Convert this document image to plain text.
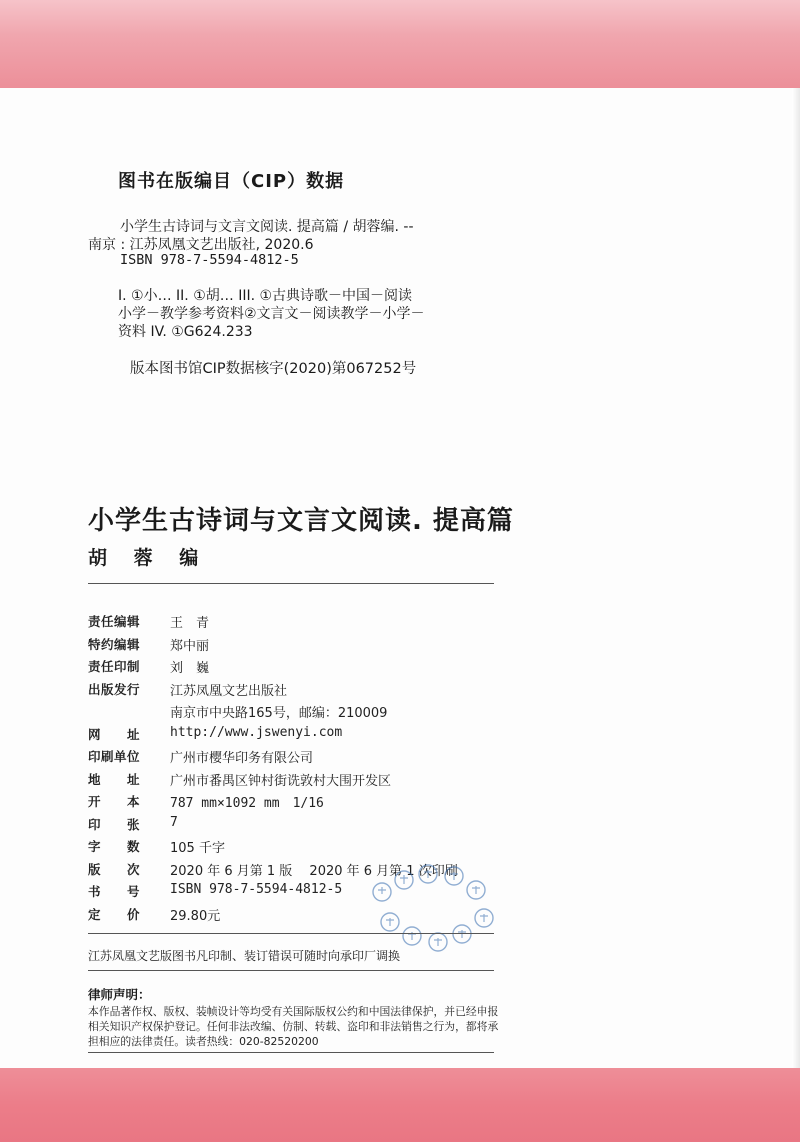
图书在版编目（CIP）数据
小学生古诗词与文言文阅读. 提高篇 / 胡蓉编. --
南京 : 江苏凤凰文艺出版社, 2020.6
ISBN 978-7-5594-4812-5
I. ①小… II. ①胡… III. ①古典诗歌－中国－阅读
小学－教学参考资料②文言文－阅读教学－小学－
资料 IV. ①G624.233
版本图书馆CIP数据核字(2020)第067252号
小学生古诗词与文言文阅读. 提高篇
胡 蓉 编
责任编辑	王　青
特约编辑	郑中丽
责任印制	刘　巍
出版发行	江苏凤凰文艺出版社
南京市中央路165号，邮编：210009
网　　址	http://www.jswenyi.com
印刷单位	广州市樱华印务有限公司
地　　址	广州市番禺区钟村街诜敦村大围开发区
开　　本	787 mm×1092 mm　1/16
印　　张	7
字　　数	105 千字
版　　次	2020 年 6 月第 1 版　 2020 年 6 月第 1 次印刷
书　　号	ISBN 978-7-5594-4812-5
定　　价	29.80元
江苏凤凰文艺版图书凡印制、装订错误可随时向承印厂调换
律师声明：
本作品著作权、版权、装帧设计等均受有关国际版权公约和中国法律保护，并已经申报相关知识产权保护登记。任何非法改编、仿制、转载、盗印和非法销售之行为，都将承担相应的法律责任。读者热线：020-82520200
